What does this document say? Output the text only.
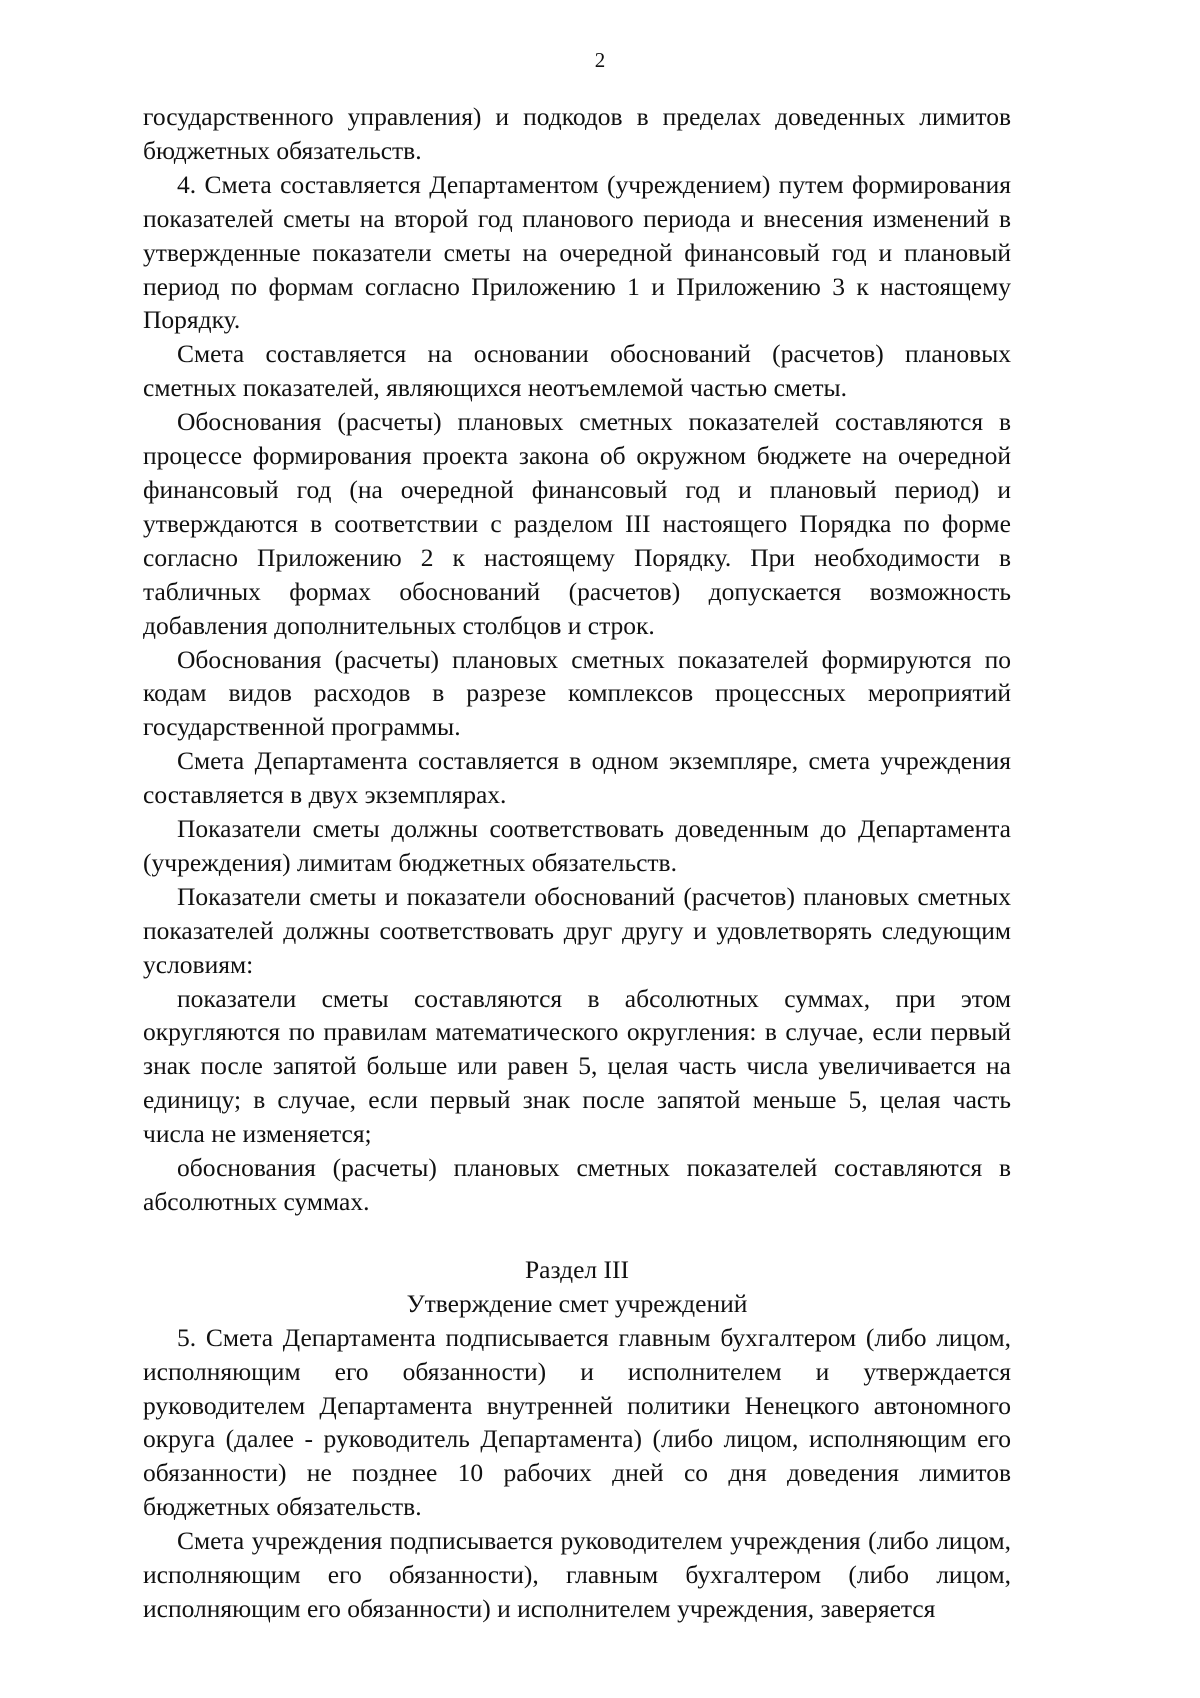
2

государственного управления) и подкодов в пределах доведенных лимитов бюджетных обязательств.

4. Смета составляется Департаментом (учреждением) путем формирования показателей сметы на второй год планового периода и внесения изменений в утвержденные показатели сметы на очередной финансовый год и плановый период по формам согласно Приложению 1 и Приложению 3 к настоящему Порядку.

Смета составляется на основании обоснований (расчетов) плановых сметных показателей, являющихся неотъемлемой частью сметы.

Обоснования (расчеты) плановых сметных показателей составляются в процессе формирования проекта закона об окружном бюджете на очередной финансовый год (на очередной финансовый год и плановый период) и утверждаются в соответствии с разделом III настоящего Порядка по форме согласно Приложению 2 к настоящему Порядку. При необходимости в табличных формах обоснований (расчетов) допускается возможность добавления дополнительных столбцов и строк.

Обоснования (расчеты) плановых сметных показателей формируются по кодам видов расходов в разрезе комплексов процессных мероприятий государственной программы.

Смета Департамента составляется в одном экземпляре, смета учреждения составляется в двух экземплярах.

Показатели сметы должны соответствовать доведенным до Департамента (учреждения) лимитам бюджетных обязательств.

Показатели сметы и показатели обоснований (расчетов) плановых сметных показателей должны соответствовать друг другу и удовлетворять следующим условиям:

показатели сметы составляются в абсолютных суммах, при этом округляются по правилам математического округления: в случае, если первый знак после запятой больше или равен 5, целая часть числа увеличивается на единицу; в случае, если первый знак после запятой меньше 5, целая часть числа не изменяется;

обоснования (расчеты) плановых сметных показателей составляются в абсолютных суммах.

Раздел III

Утверждение смет учреждений

5. Смета Департамента подписывается главным бухгалтером (либо лицом, исполняющим его обязанности) и исполнителем и утверждается руководителем Департамента внутренней политики Ненецкого автономного округа (далее - руководитель Департамента) (либо лицом, исполняющим его обязанности) не позднее 10 рабочих дней со дня доведения лимитов бюджетных обязательств.

Смета учреждения подписывается руководителем учреждения (либо лицом, исполняющим его обязанности), главным бухгалтером (либо лицом, исполняющим его обязанности) и исполнителем учреждения, заверяется
